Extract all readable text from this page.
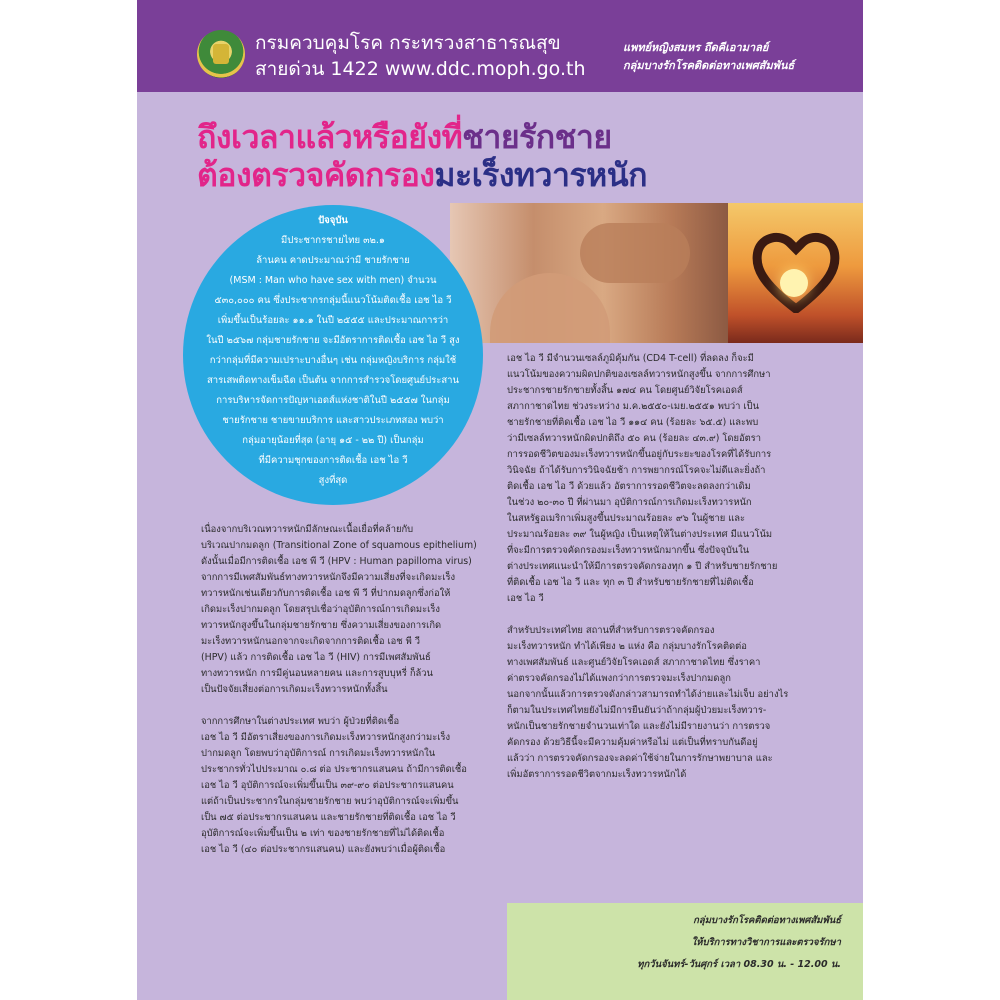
กรมควบคุมโรค กระทรวงสาธารณสุข
สายด่วน 1422 www.ddc.moph.go.th
แพทย์หญิงสมหร ถึดคีเอามาลย์
กลุ่มบางรักโรคติดต่อทางเพศสัมพันธ์
ถึงเวลาแล้วหรือยังที่ชายรักชาย
ต้องตรวจคัดกรองมะเร็งทวารหนัก
ปัจจุบัน
มีประชากรชายไทย ๓๒.๑
ล้านคน คาดประมาณว่ามี ชายรักชาย
(MSM : Man who have sex with men) จำนวน
๕๓๐,๐๐๐ คน ซึ่งประชากรกลุ่มนี้แนวโน้มติดเชื้อ เอช ไอ วี
เพิ่มขึ้นเป็นร้อยละ ๑๑.๑ ในปี ๒๕๕๕ และประมาณการว่า
ในปี ๒๕๖๗ กลุ่มชายรักชาย จะมีอัตราการติดเชื้อ เอช ไอ วี สูง
กว่ากลุ่มที่มีความเปราะบางอื่นๆ เช่น กลุ่มหญิงบริการ กลุ่มใช้
สารเสพติดทางเข็มฉีด เป็นต้น จากการสำรวจโดยศูนย์ประสาน
การบริหารจัดการปัญหาเอดส์แห่งชาติในปี ๒๕๕๗ ในกลุ่ม
ชายรักชาย ชายขายบริการ และสาวประเภทสอง พบว่า
กลุ่มอายุน้อยที่สุด (อายุ ๑๕ - ๒๒ ปี) เป็นกลุ่ม
ที่มีความชุกของการติดเชื้อ เอช ไอ วี
สูงที่สุด
เนื่องจากบริเวณทวารหนักมีลักษณะเนื้อเยื่อที่คล้ายกับ
บริเวณปากมดลูก (Transitional Zone of squamous epithelium)
ดังนั้นเมื่อมีการติดเชื้อ เอช พี วี (HPV : Human papilloma virus)
จากการมีเพศสัมพันธ์ทางทวารหนักจึงมีความเสี่ยงที่จะเกิดมะเร็ง
ทวารหนักเช่นเดียวกับการติดเชื้อ เอช พี วี ที่ปากมดลูกซึ่งก่อให้
เกิดมะเร็งปากมดลูก โดยสรุปเชื่อว่าอุบัติการณ์การเกิดมะเร็ง
ทวารหนักสูงขึ้นในกลุ่มชายรักชาย ซึ่งความเสี่ยงของการเกิด
มะเร็งทวารหนักนอกจากจะเกิดจากการติดเชื้อ เอช พี วี
(HPV) แล้ว การติดเชื้อ เอช ไอ วี (HIV) การมีเพศสัมพันธ์
ทางทวารหนัก การมีคู่นอนหลายคน และการสูบบุหรี่ ก็ล้วน
เป็นปัจจัยเสี่ยงต่อการเกิดมะเร็งทวารหนักทั้งสิ้น
จากการศึกษาในต่างประเทศ พบว่า ผู้ป่วยที่ติดเชื้อ
เอช ไอ วี มีอัตราเสี่ยงของการเกิดมะเร็งทวารหนักสูงกว่ามะเร็ง
ปากมดลูก โดยพบว่าอุบัติการณ์ การเกิดมะเร็งทวารหนักใน
ประชากรทั่วไปประมาณ ๐.๘ ต่อ ประชากรแสนคน ถ้ามีการติดเชื้อ
เอช ไอ วี อุบัติการณ์จะเพิ่มขึ้นเป็น ๓๙-๙๐ ต่อประชากรแสนคน
แต่ถ้าเป็นประชากรในกลุ่มชายรักชาย พบว่าอุบัติการณ์จะเพิ่มขึ้น
เป็น ๗๕ ต่อประชากรแสนคน และชายรักชายที่ติดเชื้อ เอช ไอ วี
อุบัติการณ์จะเพิ่มขึ้นเป็น ๒ เท่า ของชายรักชายที่ไม่ได้ติดเชื้อ
เอช ไอ วี (๔๐ ต่อประชากรแสนคน) และยังพบว่าเมื่อผู้ติดเชื้อ
เอช ไอ วี มีจำนวนเซลล์ภูมิคุ้มกัน (CD4 T-cell) ที่ลดลง ก็จะมี
แนวโน้มของความผิดปกติของเซลล์ทวารหนักสูงขึ้น จากการศึกษา
ประชากรชายรักชายทั้งสิ้น ๑๗๔ คน โดยศูนย์วิจัยโรคเอดส์
สภากาชาดไทย ช่วงระหว่าง ม.ค.๒๕๕๐-เมย.๒๕๕๑ พบว่า เป็น
ชายรักชายที่ติดเชื้อ เอช ไอ วี ๑๑๔ คน (ร้อยละ ๖๕.๕) และพบ
ว่ามีเซลล์ทวารหนักผิดปกติถึง ๕๐ คน (ร้อยละ ๔๓.๙) โดยอัตรา
การรอดชีวิตของมะเร็งทวารหนักขึ้นอยู่กับระยะของโรคที่ได้รับการ
วินิจฉัย ถ้าได้รับการวินิจฉัยช้า การพยากรณ์โรคจะไม่ดีและยิ่งถ้า
ติดเชื้อ เอช ไอ วี ด้วยแล้ว อัตราการรอดชีวิตจะลดลงกว่าเดิม
ในช่วง ๒๐-๓๐ ปี ที่ผ่านมา อุบัติการณ์การเกิดมะเร็งทวารหนัก
ในสหรัฐอเมริกาเพิ่มสูงขึ้นประมาณร้อยละ ๙๖ ในผู้ชาย และ
ประมาณร้อยละ ๓๙ ในผู้หญิง เป็นเหตุให้ในต่างประเทศ มีแนวโน้ม
ที่จะมีการตรวจคัดกรองมะเร็งทวารหนักมากขึ้น ซึ่งปัจจุบันใน
ต่างประเทศแนะนำให้มีการตรวจคัดกรองทุก ๑ ปี สำหรับชายรักชาย
ที่ติดเชื้อ เอช ไอ วี และ ทุก ๓ ปี สำหรับชายรักชายที่ไม่ติดเชื้อ
เอช ไอ วี
สำหรับประเทศไทย สถานที่สำหรับการตรวจคัดกรอง
มะเร็งทวารหนัก ทำได้เพียง ๒ แห่ง คือ กลุ่มบางรักโรคติดต่อ
ทางเพศสัมพันธ์ และศูนย์วิจัยโรคเอดส์ สภากาชาดไทย ซึ่งราคา
ค่าตรวจคัดกรองไม่ได้แพงกว่าการตรวจมะเร็งปากมดลูก
นอกจากนั้นแล้วการตรวจดังกล่าวสามารถทำได้ง่ายและไม่เจ็บ อย่างไร
ก็ตามในประเทศไทยยังไม่มีการยืนยันว่าถ้ากลุ่มผู้ป่วยมะเร็งทวาร-
หนักเป็นชายรักชายจำนวนเท่าใด และยังไม่มีรายงานว่า การตรวจ
คัดกรอง ด้วยวิธีนี้จะมีความคุ้มค่าหรือไม่ แต่เป็นที่ทราบกันดีอยู่
แล้วว่า การตรวจคัดกรองจะลดค่าใช้จ่ายในการรักษาพยาบาล และ
เพิ่มอัตราการรอดชีวิตจากมะเร็งทวารหนักได้
กลุ่มบางรักโรคติดต่อทางเพศสัมพันธ์
ให้บริการทางวิชาการและตรวจรักษา
ทุกวันจันทร์-วันศุกร์ เวลา 08.30 น. - 12.00 น.
